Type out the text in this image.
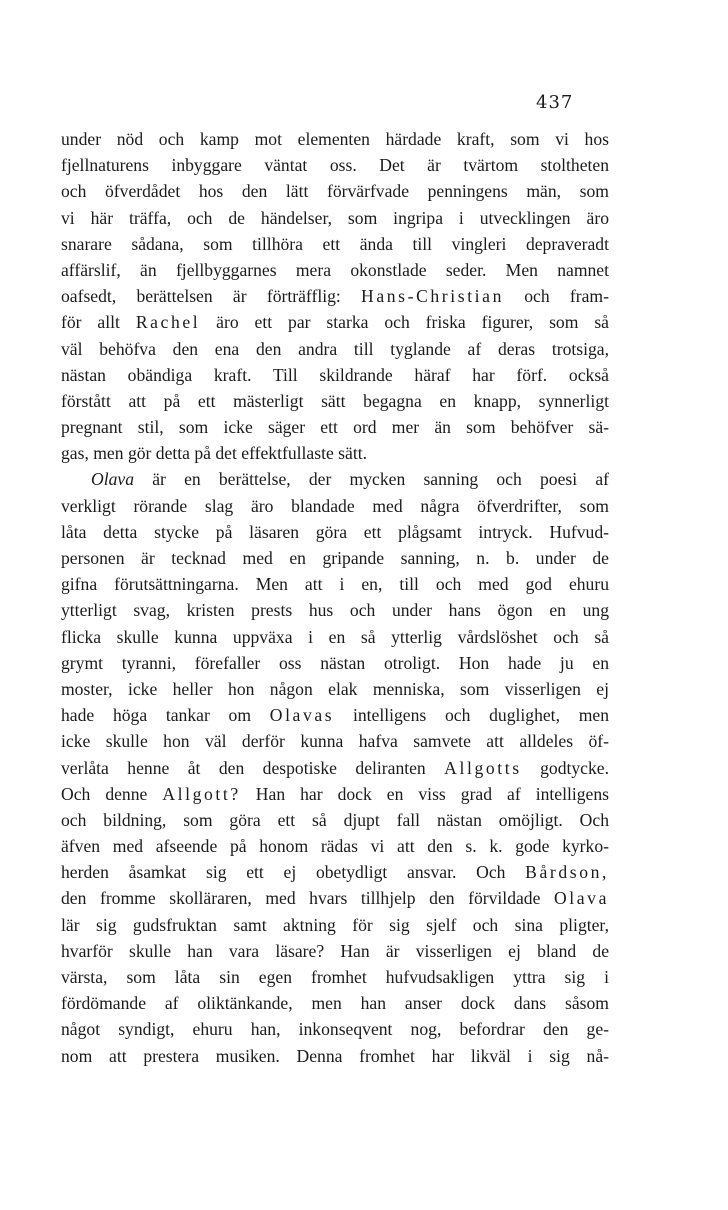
437
under nöd och kamp mot elementen härdade kraft, som vi hos
fjellnaturens inbyggare väntat oss. Det är tvärtom stoltheten
och öfverdådet hos den lätt förvärfvade penningens män, som
vi här träffa, och de händelser, som ingripa i utvecklingen äro
snarare sådana, som tillhöra ett ända till vingleri depraveradt
affärslif, än fjellbyggarnes mera okonstlade seder. Men namnet
oafsedt, berättelsen är förträfflig: Hans-Christian och fram-
för allt Rachel äro ett par starka och friska figurer, som så
väl behöfva den ena den andra till tyglande af deras trotsiga,
nästan obändiga kraft. Till skildrande häraf har förf. också
förstått att på ett mästerligt sätt begagna en knapp, synnerligt
pregnant stil, som icke säger ett ord mer än som behöfver sä-
gas, men gör detta på det effektfullaste sätt.
Olava är en berättelse, der mycken sanning och poesi af
verkligt rörande slag äro blandade med några öfverdrifter, som
låta detta stycke på läsaren göra ett plågsamt intryck. Hufvud-
personen är tecknad med en gripande sanning, n. b. under de
gifna förutsättningarna. Men att i en, till och med god ehuru
ytterligt svag, kristen prests hus och under hans ögon en ung
flicka skulle kunna uppväxa i en så ytterlig vårdslöshet och så
grymt tyranni, förefaller oss nästan otroligt. Hon hade ju en
moster, icke heller hon någon elak menniska, som visserligen ej
hade höga tankar om Olavas intelligens och duglighet, men
icke skulle hon väl derför kunna hafva samvete att alldeles öf-
verlåta henne åt den despotiske deliranten Allgotts godtycke.
Och denne Allgott? Han har dock en viss grad af intelligens
och bildning, som göra ett så djupt fall nästan omöjligt. Och
äfven med afseende på honom rädas vi att den s. k. gode kyrko-
herden åsamkat sig ett ej obetydligt ansvar. Och Bårdson,
den fromme skolläraren, med hvars tillhjelp den förvildade Olava
lär sig gudsfruktan samt aktning för sig sjelf och sina pligter,
hvarför skulle han vara läsare? Han är visserligen ej bland de
värsta, som låta sin egen fromhet hufvudsakligen yttra sig i
fördömande af oliktänkande, men han anser dock dans såsom
något syndigt, ehuru han, inkonseqvent nog, befordrar den ge-
nom att prestera musiken. Denna fromhet har likväl i sig nå-
